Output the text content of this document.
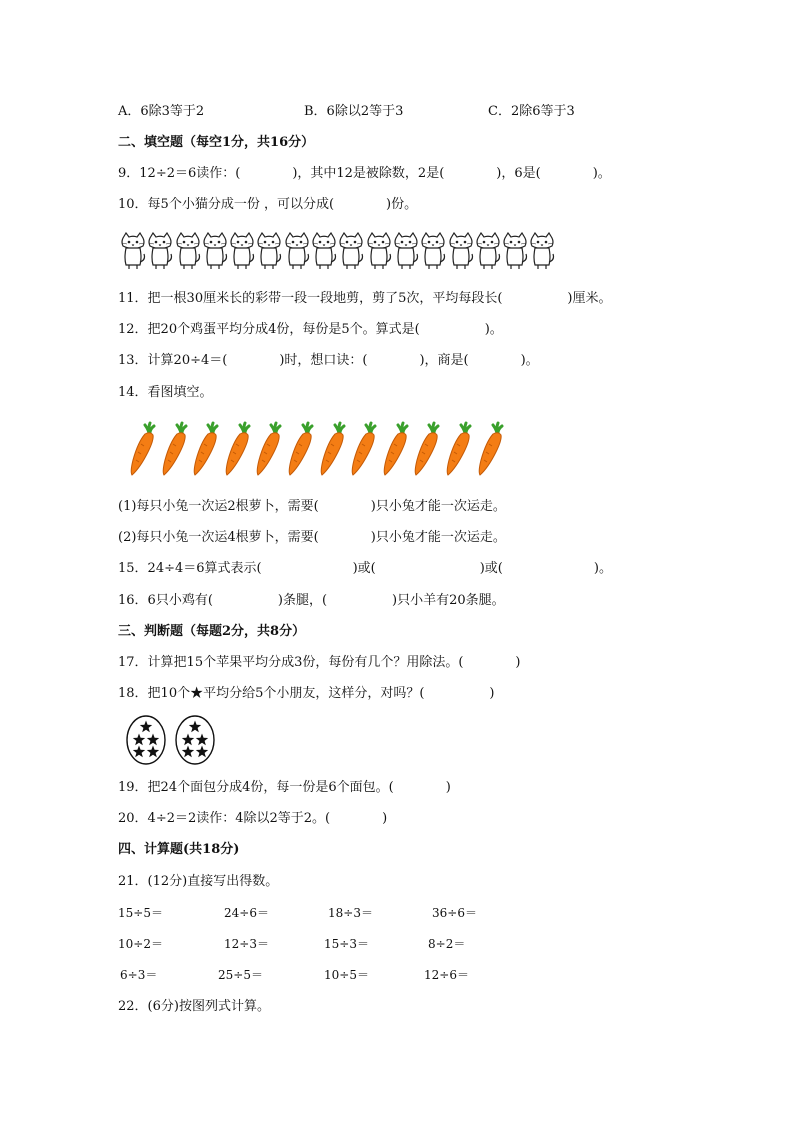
A．6除3等于2	B．6除以2等于3	C．2除6等于3
二、填空题（每空1分，共16分）
9．12÷2＝6读作：(　　　　)，其中12是被除数，2是(　　　　)，6是(　　　　)。
10．每5个小猫分成一份 ，可以分成(　　　　)份。
11．把一根30厘米长的彩带一段一段地剪，剪了5次，平均每段长(　　　　　)厘米。
12．把20个鸡蛋平均分成4份，每份是5个。算式是(　　　　　)。
13．计算20÷4＝(　　　　)时，想口诀：(　　　　)，商是(　　　　)。
14．看图填空。
(1)每只小兔一次运2根萝卜，需要(　　　　)只小兔才能一次运走。
(2)每只小兔一次运4根萝卜，需要(　　　　)只小兔才能一次运走。
15．24÷4＝6算式表示(　　　　　　　)或(　　　　　　　　)或(　　　　　　　)。
16．6只小鸡有(　　　　　)条腿，(　　　　　)只小羊有20条腿。
三、判断题（每题2分，共8分）
17．计算把15个苹果平均分成3份，每份有几个？用除法。(　　　　)
18．把10个★平均分给5个小朋友，这样分，对吗？(　　　　　)
19．把24个面包分成4份，每一份是6个面包。(　　　　)
20．4÷2＝2读作：4除以2等于2。(　　　　)
四、计算题(共18分)
21．(12分)直接写出得数。
15÷5＝	24÷6＝	18÷3＝	36÷6＝
10÷2＝	12÷3＝	15÷3＝	8÷2＝
6÷3＝	25÷5＝	10÷5＝	12÷6＝
22．(6分)按图列式计算。
